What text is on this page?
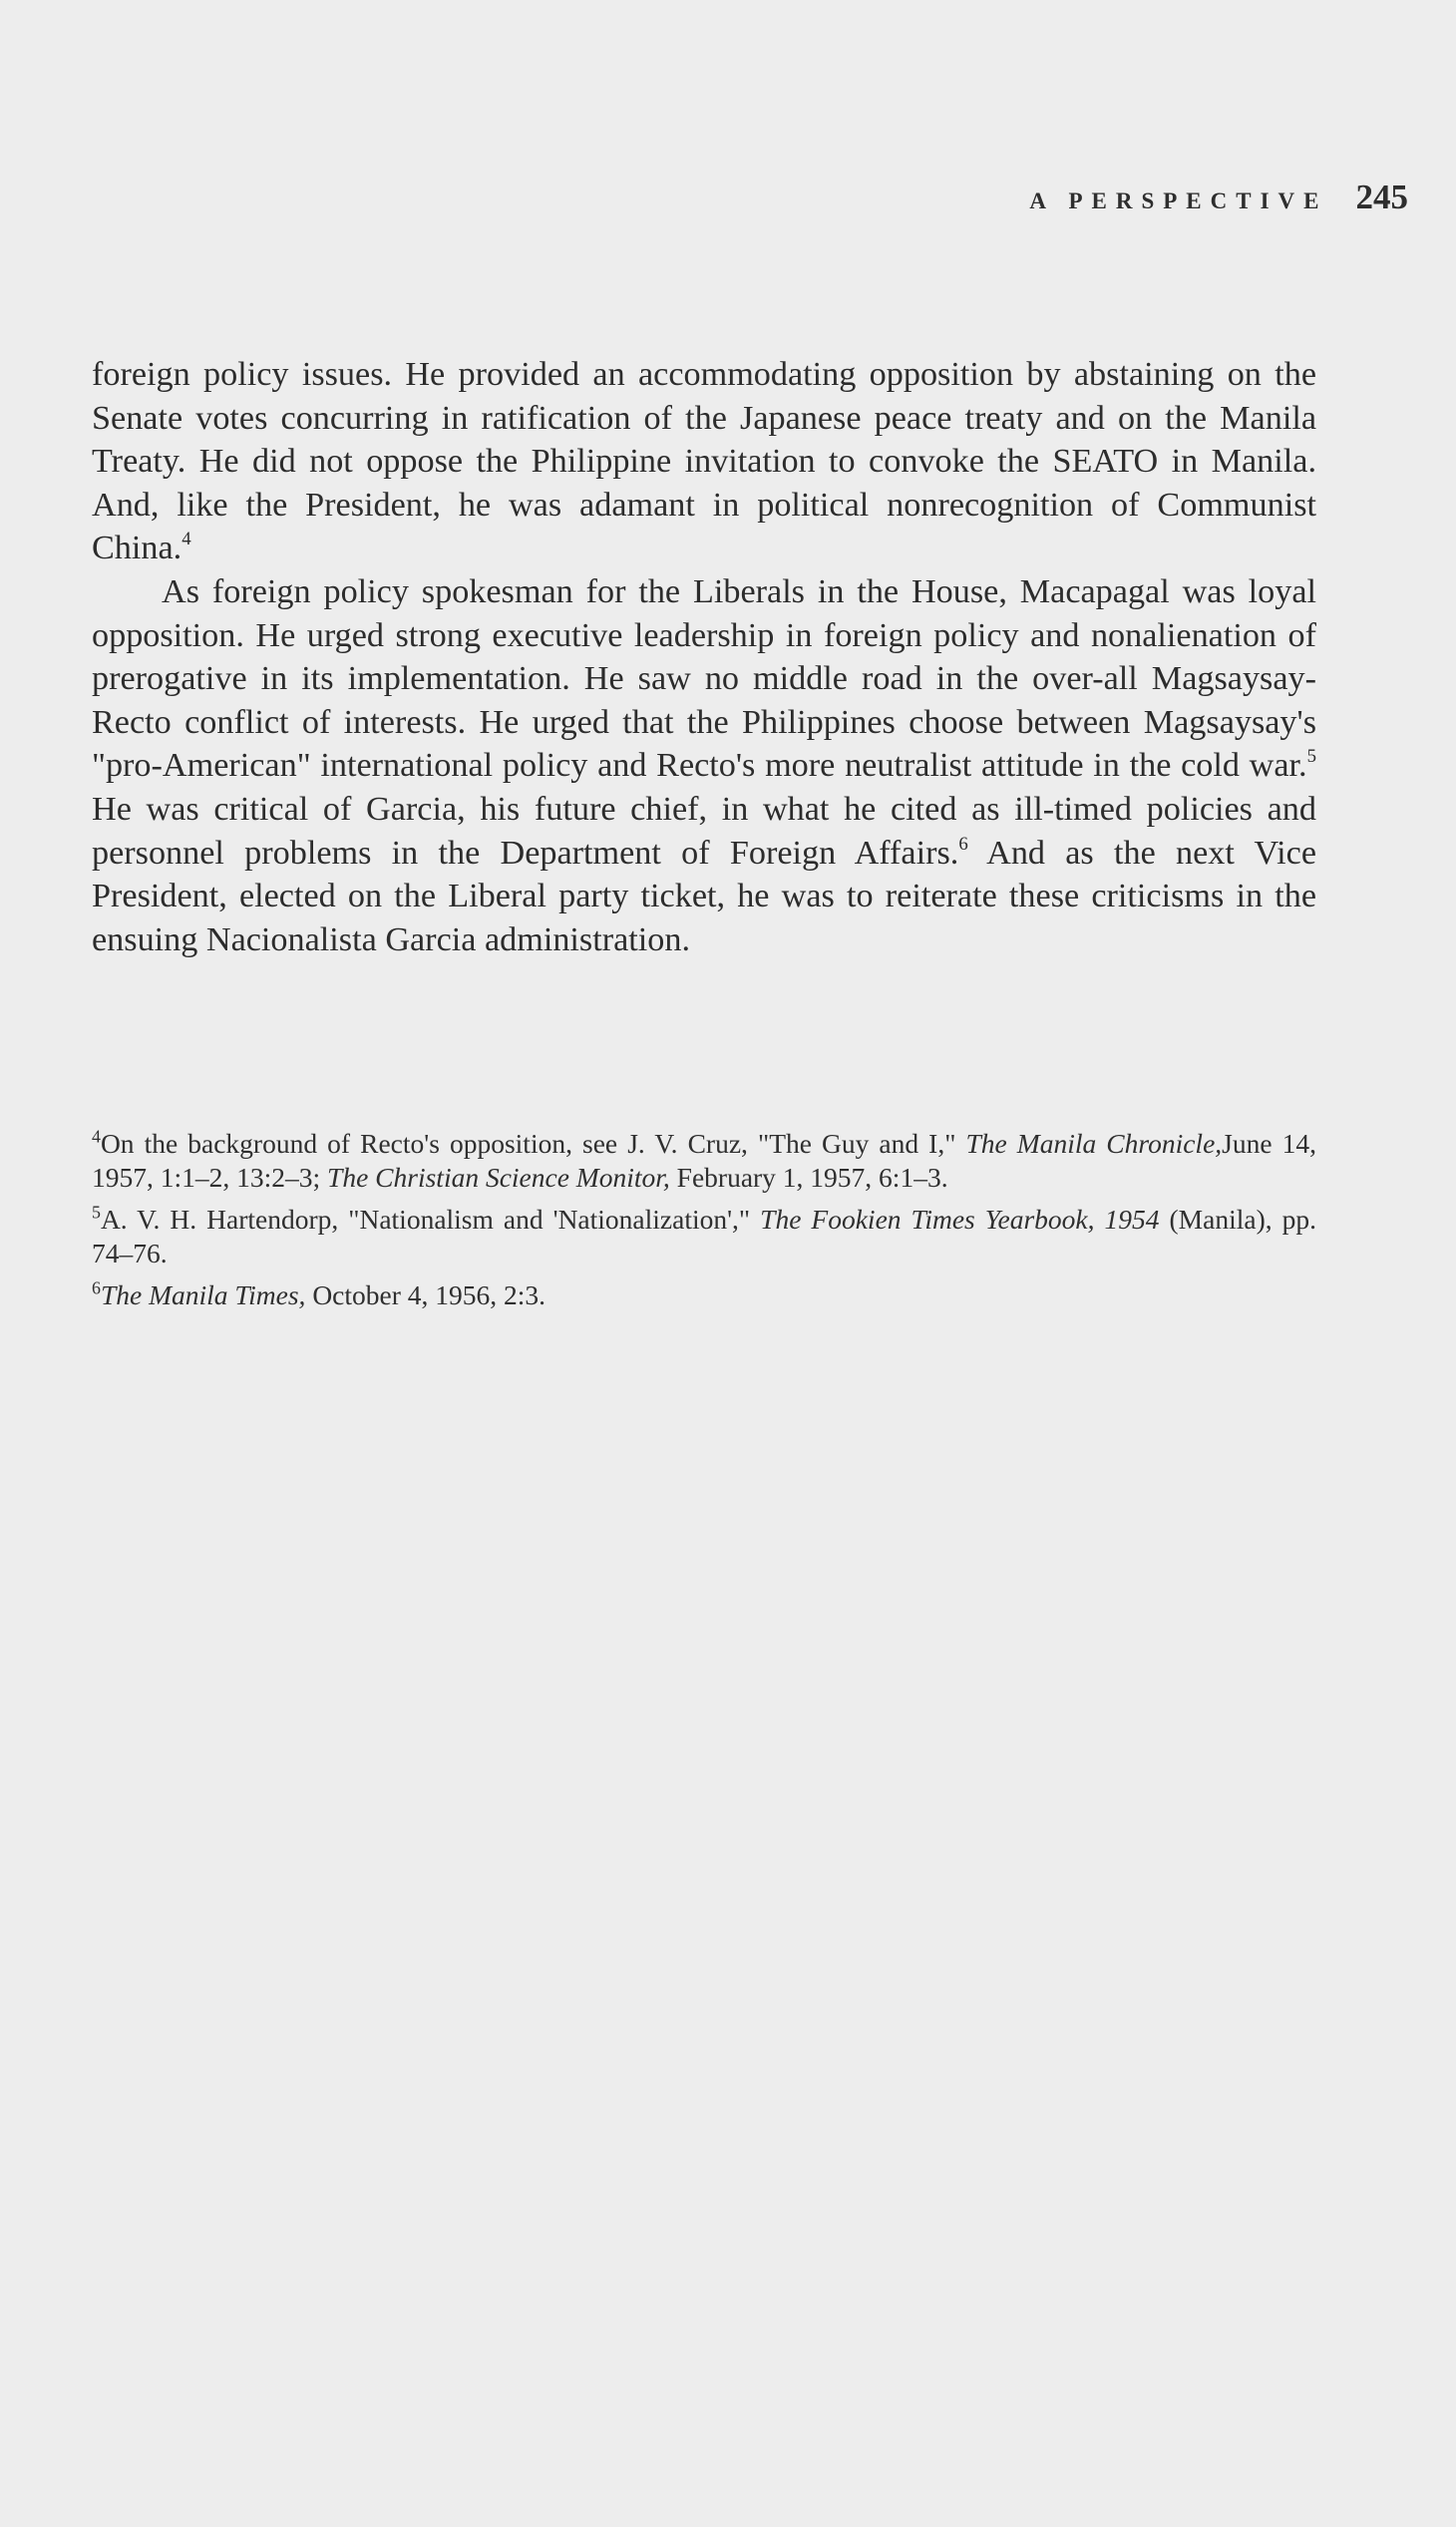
A PERSPECTIVE 245

foreign policy issues. He provided an accommodating opposition by abstaining on the Senate votes concurring in ratification of the Japanese peace treaty and on the Manila Treaty. He did not oppose the Philippine invitation to convoke the SEATO in Manila. And, like the President, he was adamant in political nonrecognition of Communist China.$^4$

As foreign policy spokesman for the Liberals in the House, Macapagal was loyal opposition. He urged strong executive leadership in foreign policy and nonalienation of prerogative in its implementation. He saw no middle road in the over-all Magsaysay-Recto conflict of interests. He urged that the Philippines choose between Magsaysay's "pro-American" international policy and Recto's more neutralist attitude in the cold war.$^5$ He was critical of Garcia, his future chief, in what he cited as ill-timed policies and personnel problems in the Department of Foreign Affairs.$^6$ And as the next Vice President, elected on the Liberal party ticket, he was to reiterate these criticisms in the ensuing Nacionalista Garcia administration.

$^4$On the background of Recto's opposition, see J. V. Cruz, "The Guy and I," The Manila Chronicle,June 14, 1957, 1:1–2, 13:2–3; The Christian Science Monitor, February 1, 1957, 6:1–3.

$^5$A. V. H. Hartendorp, "Nationalism and 'Nationalization'," The Fookien Times Yearbook, 1954 (Manila), pp. 74–76.

$^6$The Manila Times, October 4, 1956, 2:3.
